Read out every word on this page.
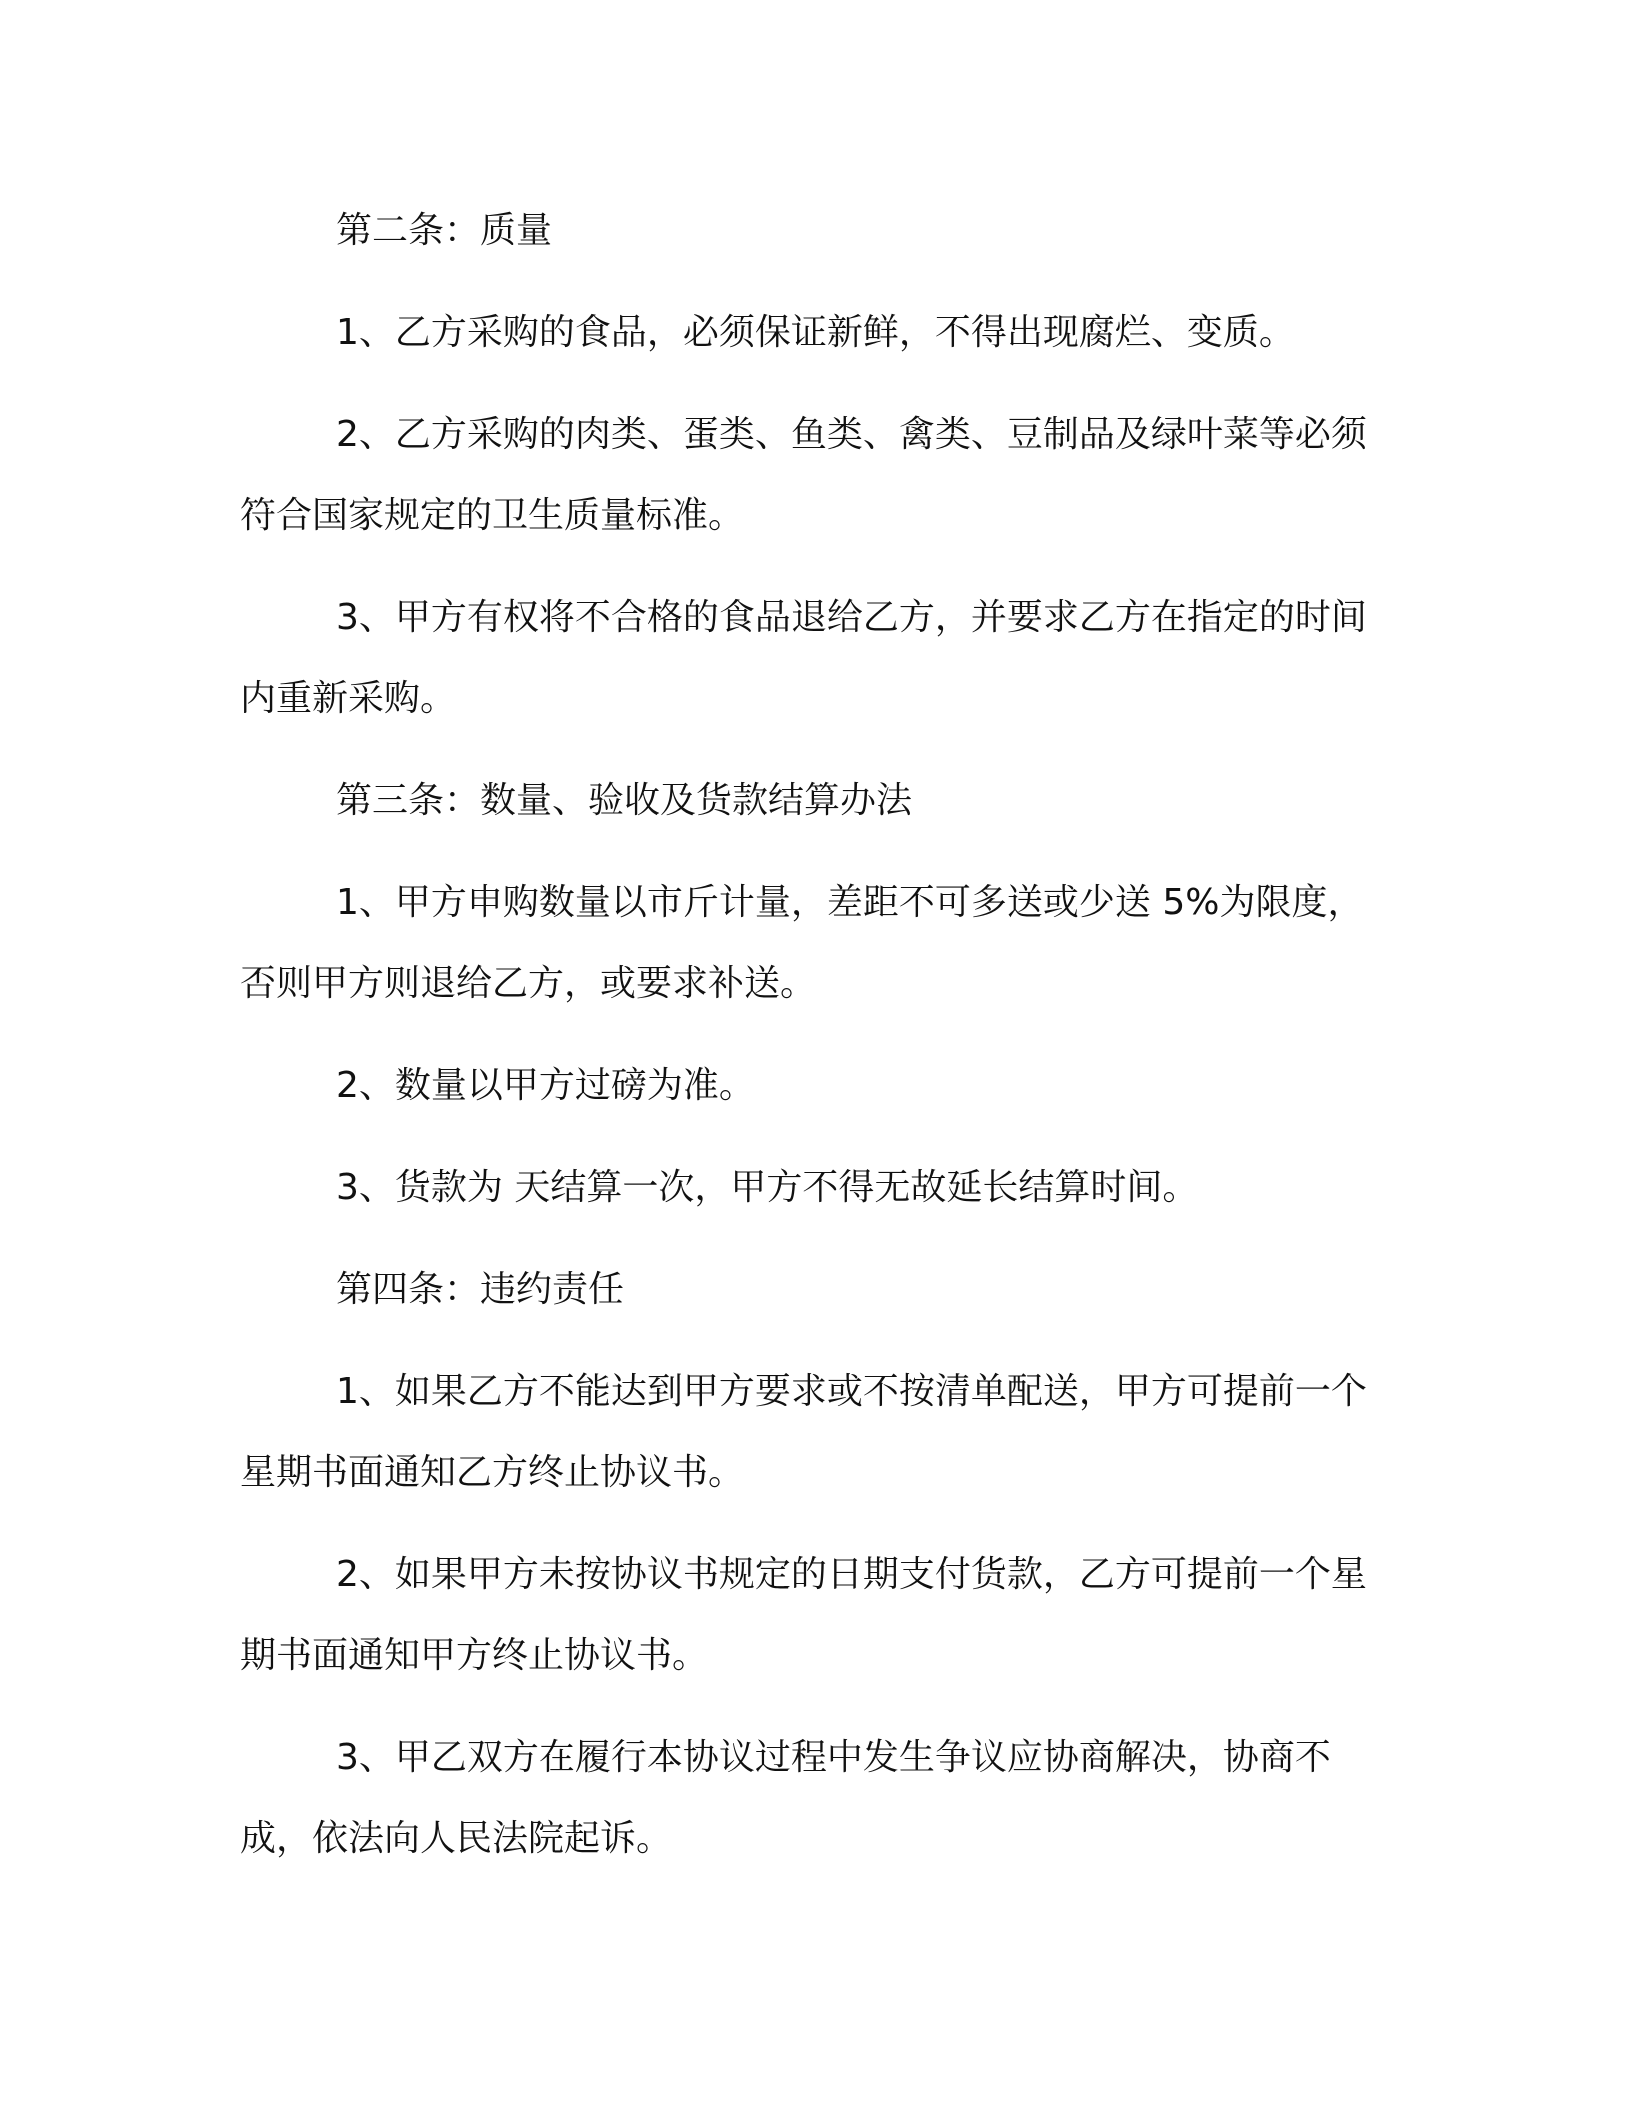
第二条：质量

1、乙方采购的食品，必须保证新鲜，不得出现腐烂、变质。

2、乙方采购的肉类、蛋类、鱼类、禽类、豆制品及绿叶菜等必须符合国家规定的卫生质量标准。

3、甲方有权将不合格的食品退给乙方，并要求乙方在指定的时间内重新采购。

第三条：数量、验收及货款结算办法

1、甲方申购数量以市斤计量，差距不可多送或少送 5%为限度，否则甲方则退给乙方，或要求补送。

2、数量以甲方过磅为准。

3、货款为 天结算一次，甲方不得无故延长结算时间。

第四条：违约责任

1、如果乙方不能达到甲方要求或不按清单配送，甲方可提前一个星期书面通知乙方终止协议书。

2、如果甲方未按协议书规定的日期支付货款，乙方可提前一个星期书面通知甲方终止协议书。

3、甲乙双方在履行本协议过程中发生争议应协商解决，协商不成，依法向人民法院起诉。
